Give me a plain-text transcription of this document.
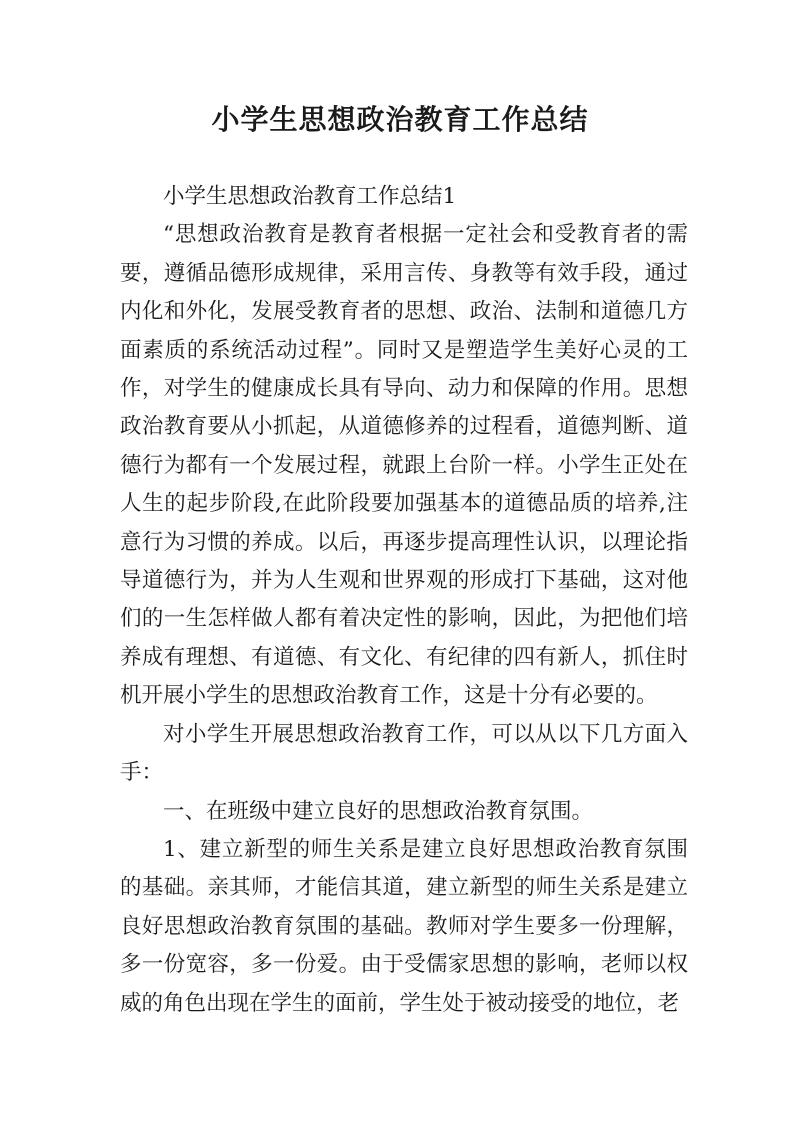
小学生思想政治教育工作总结

小学生思想政治教育工作总结1

“思想政治教育是教育者根据一定社会和受教育者的需要，遵循品德形成规律，采用言传、身教等有效手段，通过内化和外化，发展受教育者的思想、政治、法制和道德几方面素质的系统活动过程”。同时又是塑造学生美好心灵的工作，对学生的健康成长具有导向、动力和保障的作用。思想政治教育要从小抓起，从道德修养的过程看，道德判断、道德行为都有一个发展过程，就跟上台阶一样。小学生正处在人生的起步阶段,在此阶段要加强基本的道德品质的培养,注意行为习惯的养成。以后，再逐步提高理性认识，以理论指导道德行为，并为人生观和世界观的形成打下基础，这对他们的一生怎样做人都有着决定性的影响，因此，为把他们培养成有理想、有道德、有文化、有纪律的四有新人，抓住时机开展小学生的思想政治教育工作，这是十分有必要的。

对小学生开展思想政治教育工作，可以从以下几方面入手：

一、在班级中建立良好的思想政治教育氛围。

1、建立新型的师生关系是建立良好思想政治教育氛围的基础。亲其师，才能信其道，建立新型的师生关系是建立良好思想政治教育氛围的基础。教师对学生要多一份理解，多一份宽容，多一份爱。由于受儒家思想的影响，老师以权威的角色出现在学生的面前，学生处于被动接受的地位，老
